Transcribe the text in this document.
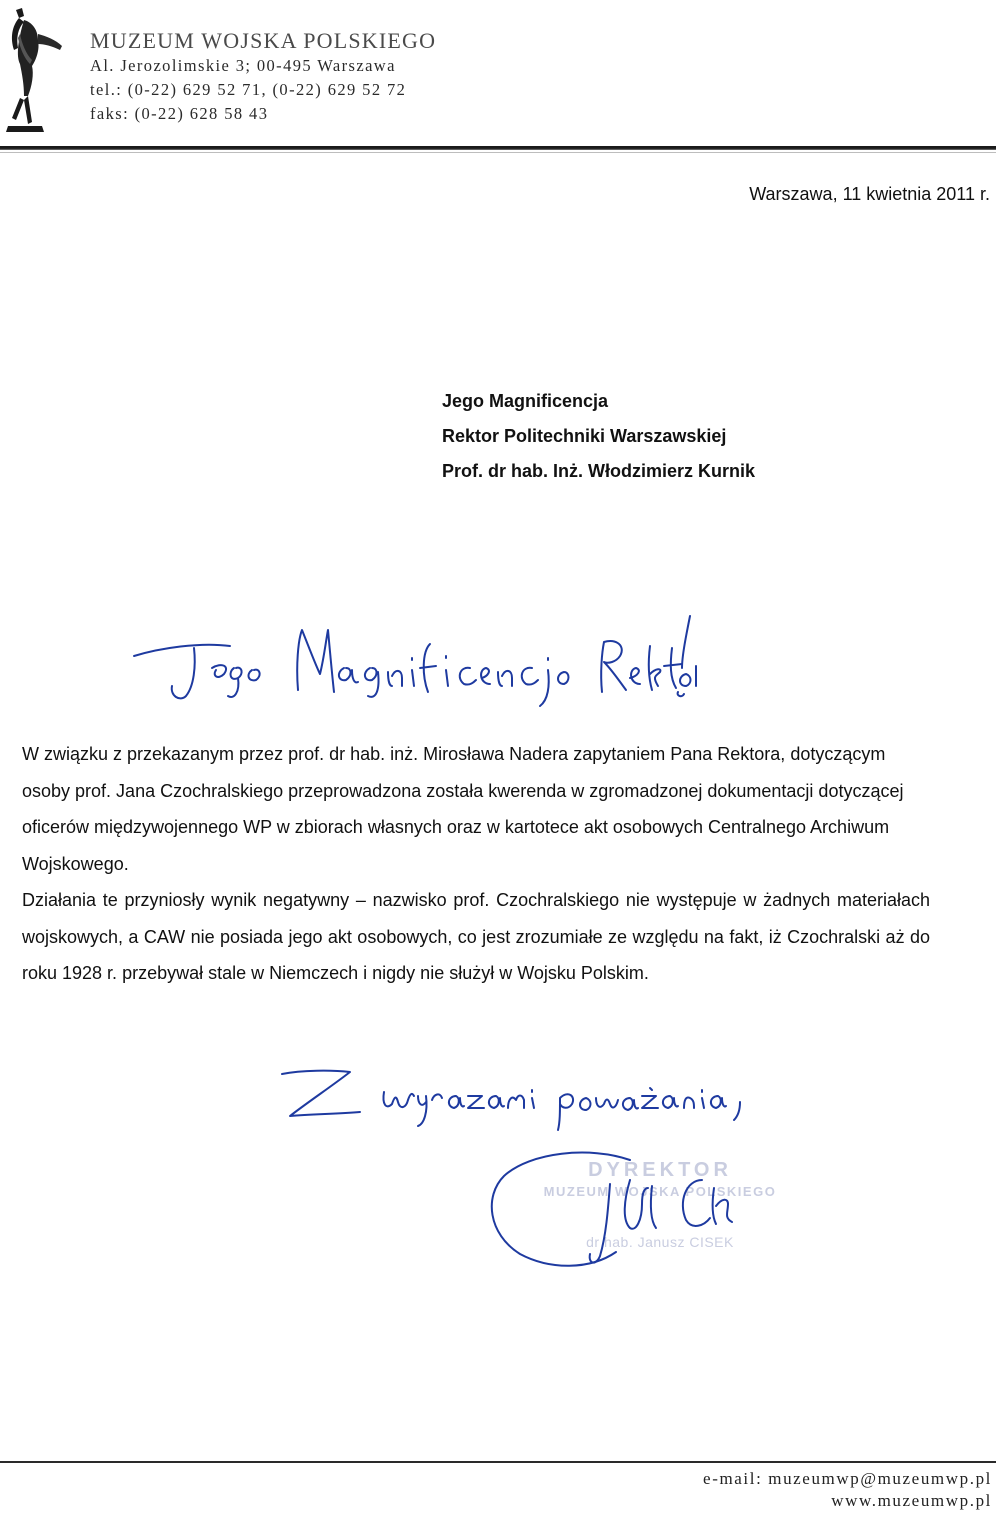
MUZEUM WOJSKA POLSKIEGO
Al. Jerozolimskie 3; 00-495 Warszawa
tel.: (0-22) 629 52 71, (0-22) 629 52 72
faks: (0-22) 628 58 43
Warszawa, 11 kwietnia 2011 r.
Jego Magnificencja
Rektor Politechniki Warszawskiej
Prof. dr hab. Inż. Włodzimierz Kurnik

W związku z przekazanym przez prof. dr hab. inż. Mirosława Nadera zapytaniem Pana Rektora, dotyczącym osoby prof. Jana Czochralskiego przeprowadzona została kwerenda w zgromadzonej dokumentacji dotyczącej oficerów międzywojennego WP w zbiorach własnych oraz w kartotece akt osobowych Centralnego Archiwum Wojskowego.

Działania te przyniosły wynik negatywny – nazwisko prof. Czochralskiego nie występuje w żadnych materiałach wojskowych, a CAW nie posiada jego akt osobowych, co jest zrozumiałe ze względu na fakt, iż Czochralski aż do roku 1928 r. przebywał stale w Niemczech i nigdy nie służył w Wojsku Polskim.

DYREKTOR
MUZEUM WOJSKA POLSKIEGO
dr hab. Janusz CISEK
e-mail: muzeumwp@muzeumwp.pl
www.muzeumwp.pl
